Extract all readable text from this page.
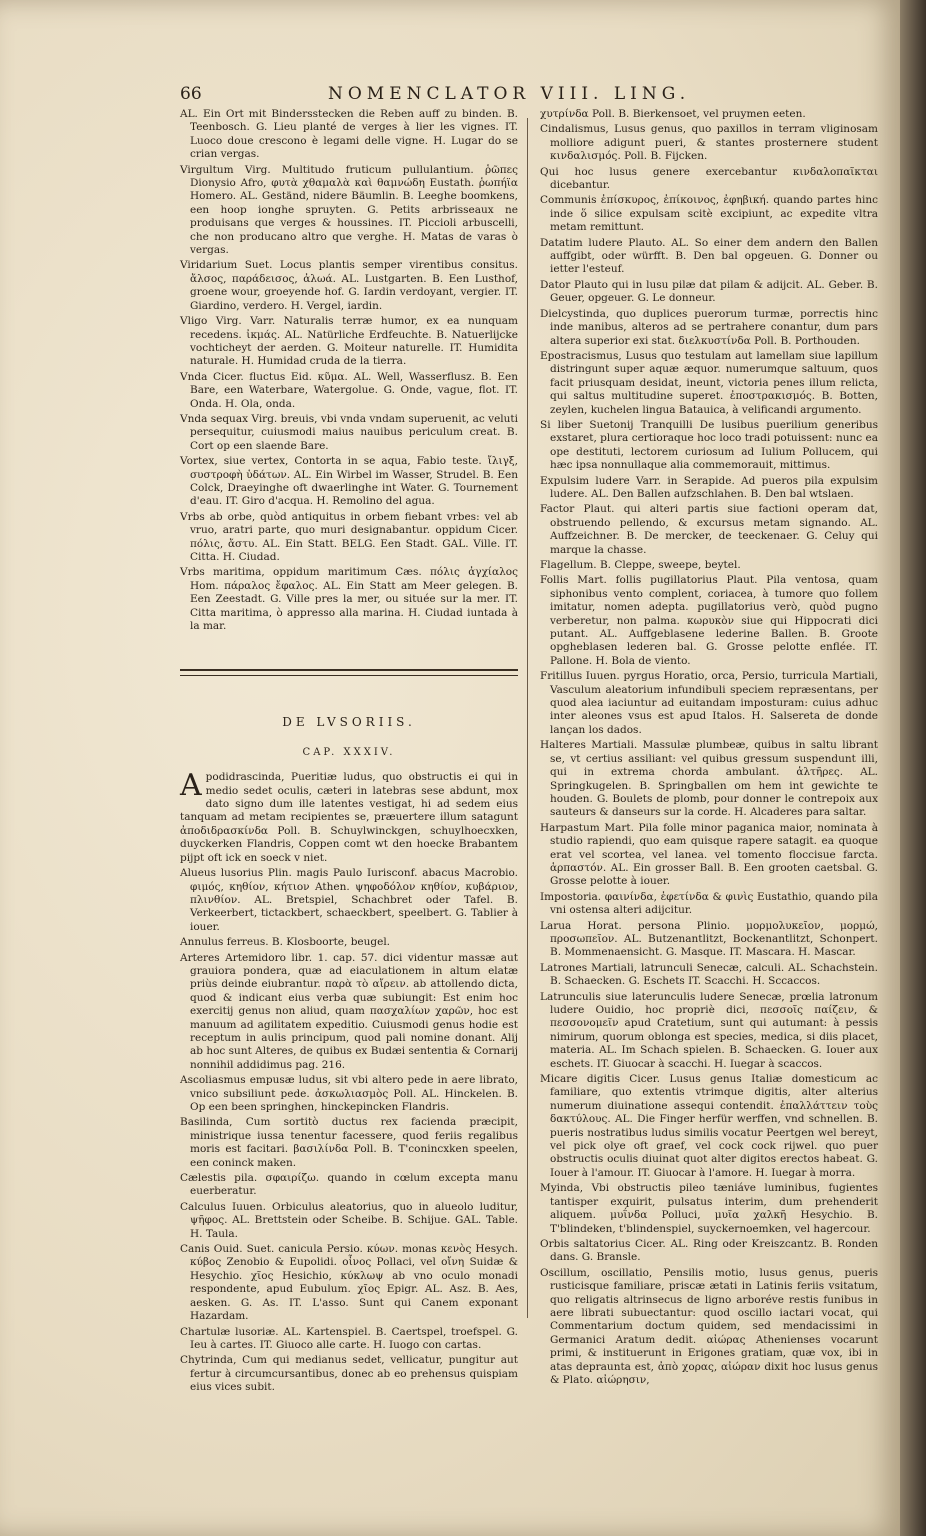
66	NOMENCLATOR VIII. LING.

AL. Ein Ort mit Bindersstecken die Reben auff zu binden. B. Teenbosch. G. Lieu planté de verges à lier les vignes. IT. Luoco doue crescono è legami delle vigne. H. Lugar do se crian vergas.

Virgultum Virg. Multitudo fruticum pullulantium. ῥῶπες Dionysio Afro, φυτὰ χθαμαλὰ καὶ θαμνώδη Eustath. ῥωπήϊα Homero. AL. Geständ, nidere Bäumlin. B. Leeghe boomkens, een hoop ionghe spruyten. G. Petits arbrisseaux ne produisans que verges & houssines. IT. Piccioli arbuscelli, che non producano altro que verghe. H. Matas de varas ò vergas.

Viridarium Suet. Locus plantis semper virentibus consitus. ἄλσος, παράδεισος, ἀλωά. AL. Lustgarten. B. Een Lusthof, groene wour, groeyende hof. G. Iardin verdoyant, vergier. IT. Giardino, verdero. H. Vergel, iardin.

Vligo Virg. Varr. Naturalis terræ humor, ex ea nunquam recedens. ἰκμάς. AL. Natürliche Erdfeuchte. B. Natuerlijcke vochticheyt der aerden. G. Moiteur naturelle. IT. Humidita naturale. H. Humidad cruda de la tierra.

Vnda Cicer. fluctus Eid. κῦμα. AL. Well, Wasserflusz. B. Een Bare, een Waterbare, Watergolue. G. Onde, vague, flot. IT. Onda. H. Ola, onda.

Vnda sequax Virg. breuis, vbi vnda vndam superuenit, ac veluti persequitur, cuiusmodi maius nauibus periculum creat. B. Cort op een slaende Bare.

Vortex, siue vertex, Contorta in se aqua, Fabio teste. ἴλιγξ, συστροφὴ ὑδάτων. AL. Ein Wirbel im Wasser, Strudel. B. Een Colck, Draeyinghe oft dwaerlinghe int Water. G. Tournement d'eau. IT. Giro d'acqua. H. Remolino del agua.

Vrbs ab orbe, quòd antiquitus in orbem fiebant vrbes: vel ab vruo, aratri parte, quo muri designabantur. oppidum Cicer. πόλις, ἄστυ. AL. Ein Statt. BELG. Een Stadt. GAL. Ville. IT. Citta. H. Ciudad.

Vrbs maritima, oppidum maritimum Cæs. πόλις ἀγχίαλος Hom. πάραλος ἔφαλος. AL. Ein Statt am Meer gelegen. B. Een Zeestadt. G. Ville pres la mer, ou située sur la mer. IT. Citta maritima, ò appresso alla marina. H. Ciudad iuntada à la mar.

DE LVSORIIS.
CAP. XXXIV.

A podidrascinda, Pueritiæ ludus, quo obstructis ei qui in medio sedet oculis, cæteri in latebras sese abdunt, mox dato signo dum ille latentes vestigat, hi ad sedem eius tanquam ad metam recipientes se, præuertere illum satagunt ἀποδιδρασκίνδα Poll. B. Schuylwinckgen, schuylhoecxken, duyckerken Flandris, Coppen comt wt den hoecke Brabantem pijpt oft ick en soeck v niet.

Alueus lusorius Plin. magis Paulo Iurisconf. abacus Macrobio. φιμός, κηθίον, κήτιον Athen. ψηφοδόλον κηθίον, κυβάριον, πλινθίον. AL. Bretspiel, Schachbret oder Tafel. B. Verkeerbert, tictackbert, schaeckbert, speelbert. G. Tablier à iouer.

Annulus ferreus. B. Klosboorte, beugel.

Arteres Artemidoro libr. 1. cap. 57. dici videntur massæ aut grauiora pondera, quæ ad eiaculationem in altum elatæ priùs deinde eiubrantur. παρὰ τὸ αἴρειν. ab attollendo dicta, quod & indicant eius verba quæ subiungit: Est enim hoc exercitij genus non aliud, quam πασχαλίων χαρῶν, hoc est manuum ad agilitatem expeditio. Cuiusmodi genus hodie est receptum in aulis principum, quod pali nomine donant. Alij ab hoc sunt Alteres, de quibus ex Budæi sententia & Cornarij nonnihil addidimus pag. 216.

Ascoliasmus empusæ ludus, sit vbi altero pede in aere librato, vnico subsiliunt pede. ἀσκωλιασμὸς Poll. AL. Hinckelen. B. Op een been springhen, hinckepincken Flandris.

Basilinda, Cum sortitò ductus rex facienda præcipit, ministrique iussa tenentur facessere, quod feriis regalibus moris est facitari. βασιλίνδα Poll. B. T'conincxken speelen, een coninck maken.

Cælestis pila. σφαιρίζω. quando in cœlum excepta manu euerberatur.

Calculus Iuuen. Orbiculus aleatorius, quo in alueolo luditur, ψῆφος. AL. Brettstein oder Scheibe. B. Schijue. GAL. Table. H. Taula.

Canis Ouid. Suet. canicula Persio. κύων. monas κενὸς Hesych. κύβος Zenobio & Eupolidi. οἶνος Pollaci, vel οἴνη Suidæ & Hesychio. χῖος Hesichio, κύκλωψ ab vno oculo monadi respondente, apud Eubulum. χῖος Epigr. AL. Asz. B. Aes, aesken. G. As. IT. L'asso. Sunt qui Canem exponant Hazardam.

Chartulæ lusoriæ. AL. Kartenspiel. B. Caertspel, troefspel. G. Ieu à cartes. IT. Giuoco alle carte. H. Iuogo con cartas.

Chytrinda, Cum qui medianus sedet, vellicatur, pungitur aut fertur à circumcursantibus, donec ab eo prehensus quispiam eius vices subit.

χυτρίνδα Poll. B. Bierkensoet, vel pruymen eeten.

Cindalismus, Lusus genus, quo paxillos in terram vliginosam molliore adigunt pueri, & stantes prosternere student κινδαλισμός. Poll. B. Fijcken.

Qui hoc lusus genere exercebantur κινδαλοπαῖκται dicebantur.

Communis ἐπίσκυρος, ἐπίκοινος, ἐφηβική. quando partes hinc inde ὅ silice expulsam scitè excipiunt, ac expedite vltra metam remittunt.

Datatim ludere Plauto. AL. So einer dem andern den Ballen auffgibt, oder würfft. B. Den bal opgeuen. G. Donner ou ietter l'esteuf.

Dator Plauto qui in lusu pilæ dat pilam & adijcit. AL. Geber. B. Geuer, opgeuer. G. Le donneur.

Dielcystinda, quo duplices puerorum turmæ, porrectis hinc inde manibus, alteros ad se pertrahere conantur, dum pars altera superior exi stat. διελκυστίνδα Poll. B. Porthouden.

Epostracismus, Lusus quo testulam aut lamellam siue lapillum distringunt super aquæ æquor. numerumque saltuum, quos facit priusquam desidat, ineunt, victoria penes illum relicta, qui saltus multitudine superet. ἐποστρακισμός. B. Botten, zeylen, kuchelen lingua Batauica, à velificandi argumento.

Si liber Suetonij Tranquilli De lusibus puerilium generibus exstaret, plura certioraque hoc loco tradi potuissent: nunc ea ope destituti, lectorem curiosum ad Iulium Pollucem, qui hæc ipsa nonnullaque alia commemorauit, mittimus.

Expulsim ludere Varr. in Serapide. Ad pueros pila expulsim ludere. AL. Den Ballen aufzschlahen. B. Den bal wtslaen.

Factor Plaut. qui alteri partis siue factioni operam dat, obstruendo pellendo, & excursus metam signando. AL. Auffzeichner. B. De mercker, de teeckenaer. G. Celuy qui marque la chasse.

Flagellum. B. Cleppe, sweepe, beytel.

Follis Mart. follis pugillatorius Plaut. Pila ventosa, quam siphonibus vento complent, coriacea, à tumore quo follem imitatur, nomen adepta. pugillatorius verò, quòd pugno verberetur, non palma. κωρυκὸν siue qui Hippocrati dici putant. AL. Auffgeblasene lederine Ballen. B. Groote opgheblasen lederen bal. G. Grosse pelotte enflée. IT. Pallone. H. Bola de viento.

Fritillus Iuuen. pyrgus Horatio, orca, Persio, turricula Martiali, Vasculum aleatorium infundibuli speciem repræsentans, per quod alea iaciuntur ad euitandam imposturam: cuius adhuc inter aleones vsus est apud Italos. H. Salsereta de donde lançan los dados.

Halteres Martiali. Massulæ plumbeæ, quibus in saltu librant se, vt certius assiliant: vel quibus gressum suspendunt illi, qui in extrema chorda ambulant. ἁλτῆρες. AL. Springkugelen. B. Springballen om hem int gewichte te houden. G. Boulets de plomb, pour donner le contrepoix aux sauteurs & danseurs sur la corde. H. Alcaderes para saltar.

Harpastum Mart. Pila folle minor paganica maior, nominata à studio rapiendi, quo eam quisque rapere satagit. ea quoque erat vel scortea, vel lanea. vel tomento floccisue farcta. ἁρπαστόν. AL. Ein grosser Ball. B. Een grooten caetsbal. G. Grosse pelotte à iouer.

Impostoria. φαινίνδα, ἐφετίνδα & φινὶς Eustathio, quando pila vni ostensa alteri adijcitur.

Larua Horat. persona Plinio. μορμολυκεῖον, μορμώ, προσωπεῖον. AL. Butzenantlitzt, Bockenantlitzt, Schonpert. B. Mommenaensicht. G. Masque. IT. Mascara. H. Mascar.

Latrones Martiali, latrunculi Senecæ, calculi. AL. Schachstein. B. Schaecken. G. Eschets IT. Scacchi. H. Sccaccos.

Latrunculis siue laterunculis ludere Senecæ, prœlia latronum ludere Ouidio, hoc propriè dici, πεσσοῖς παίζειν, & πεσσονομεῖν apud Cratetium, sunt qui autumant: à pessis nimirum, quorum oblonga est species, medica, si diis placet, materia. AL. Im Schach spielen. B. Schaecken. G. Iouer aux eschets. IT. Giuocar à scacchi. H. Iuegar à scaccos.

Micare digitis Cicer. Lusus genus Italiæ domesticum ac familiare, quo extentis vtrimque digitis, alter alterius numerum diuinatione assequi contendit. ἐπαλλάττειν τοὺς δακτύλους. AL. Die Finger herfür werffen, vnd schnellen. B. pueris nostratibus ludus similis vocatur Peertgen wel bereyt, vel pick olye oft graef, vel cock cock rijwel. quo puer obstructis oculis diuinat quot alter digitos erectos habeat. G. Iouer à l'amour. IT. Giuocar à l'amore. H. Iuegar à morra.

Myinda, Vbi obstructis pileo tæniáve luminibus, fugientes tantisper exquirit, pulsatus interim, dum prehenderit aliquem. μυΐνδα Polluci, μυῖα χαλκῆ Hesychio. B. T'blindeken, t'blindenspiel, suyckernoemken, vel hagercour.

Orbis saltatorius Cicer. AL. Ring oder Kreiszcantz. B. Ronden dans. G. Bransle.

Oscillum, oscillatio, Pensilis motio, lusus genus, pueris rusticisque familiare, priscæ ætati in Latinis feriis vsitatum, quo religatis altrinsecus de ligno arboréve restis funibus in aere librati subuectantur: quod oscillo iactari vocat, qui Commentarium doctum quidem, sed mendacissimi in Germanici Aratum dedit. αἰώρας Athenienses vocarunt primi, & instituerunt in Erigones gratiam, quæ vox, ibi in atas depraunta est, ἀπὸ χορας, αἰώραν dixit hoc lusus genus & Plato. αἰώρησιν,
